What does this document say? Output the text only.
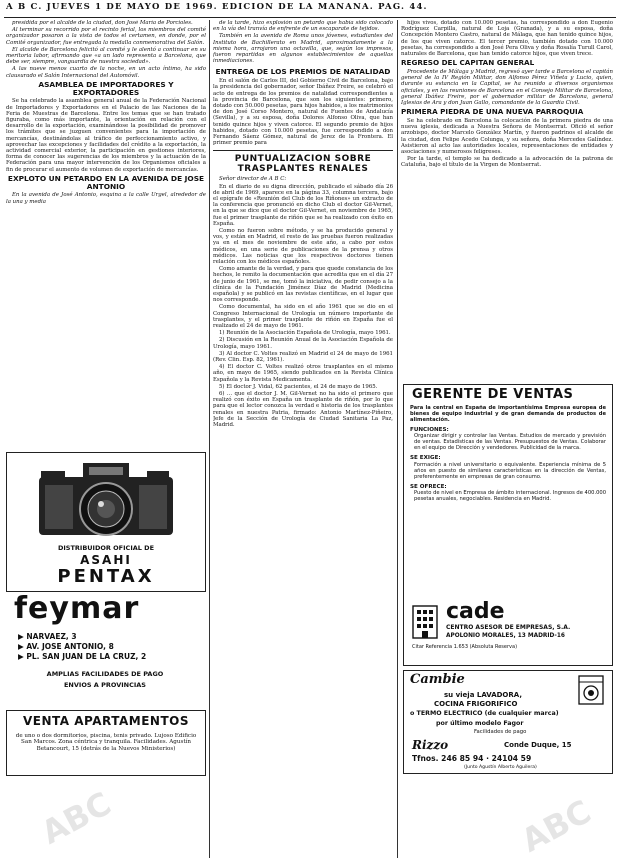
A B C. JUEVES 1 DE MAYO DE 1969. EDICION DE LA MAÑANA. PAG. 44.

presidida por el alcalde de la ciudad, don José María de Porcioles.

Al terminar su recorrido por el recinto ferial, los miembros del comité organizador posaron a la vista de todos el certamen, en donde, por el Comité organizador, fue entregada la medalla conmemorativa del Salón.

El alcalde de Barcelona felicitó al comité y le alentó a continuar en su meritoria labor, afirmando que «a un lado representa a Barcelona, que debe ser, siempre, vanguardia de nuestra sociedad».

A las nueve menos cuarto de la noche, en un acto íntimo, ha sido clausurado el Salón Internacional del Automóvil.

ASAMBLEA DE IMPORTADORES Y EXPORTADORES

Se ha celebrado la asamblea general anual de la Federación Nacional de Importadores y Exportadores en el Palacio de las Naciones de la Feria de Muestras de Barcelona. Entre los temas que se han tratado figuraba, como más importante, la orientación en relación con el desarrollo de la exportación, examinándose la posibilidad de promover los trámites que se juzguen convenientes para la importación de mercancías, destinándolas al tráfico de perfeccionamiento activo, y aprovechar las excepciones y facilidades del crédito a la exportación, la actividad comercial exterior, la participación en gestiones interiores, forma de conocer las sugerencias de los miembros y la actuación de la Federación para una mayor intervención de los Organismos oficiales a fin de procurar el aumento de volumen de exportación de mercancías.

EXPLOTO UN PETARDO EN LA AVENIDA DE JOSE ANTONIO

En la avenida de José Antonio, esquina a la calle Urgel, alrededor de la una y media

DISTRIBUIDOR OFICIAL DE
ASAHI
PENTAX
feymar
▶ NARVAEZ, 3
▶ AV. JOSE ANTONIO, 8
▶ PL. SAN JUAN DE LA CRUZ, 2
AMPLIAS FACILIDADES DE PAGO
ENVIOS A PROVINCIAS
VENTA APARTAMENTOS

de uno o dos dormitorios, piscina, tenis privado. Lujoso Edificio San Marcos. Zona céntrica y tranquila. Facilidades. Agustín Betancourt, 15 (detrás de la Nuevos Ministerios)

de la tarde, hizo explosión un petardo que había sido colocado en la vía del tranvía de enfrente de un escaparate de tejidos.

También en la avenida de Roma unos jóvenes, estudiantes del Instituto de Bachillerato en Madrid, aproximadamente a la misma hora, arrojaron una octavilla, que, según los impresos, fueron repartidas en algunos establecimientos de aquellas inmediaciones.

ENTREGA DE LOS PREMIOS DE NATALIDAD

En el salón de Carlos III, del Gobierno Civil de Barcelona, bajo la presidencia del gobernador, señor Ibáñez Freire, se celebró el acto de entrega de los premios de natalidad correspondientes a la provincia de Barcelona, que son los siguientes: primero, dotado con 50.000 pesetas, para hijos habidos, a los matrimonios de don José Corso Montero, natural de Fuentes de Andalucía (Sevilla), y a su esposa, doña Dolores Alfonso Oliva, que han tenido quince hijos y viven catorce. El segundo premio de hijos habidos, dotado con 10.000 pesetas, fue correspondido a don Fernando Sáenz Gómez, natural de Jerez de la Frontera. El primer premio para

PUNTUALIZACION SOBRE TRASPLANTES RENALES

Señor director de A B C:

En el diario de su digna dirección, publicado el sábado día 26 de abril de 1969, aparece en la página 33, columna tercera, bajo el epígrafe de «Reunión del Club de los Riñones» un extracto de la conferencia que pronunció en dicho Club el doctor Gil-Vernet, en la que se dice que el doctor Gil-Vernet, en noviembre de 1965, fue el primer trasplante de riñón que se ha realizado con éxito en España.

Como no fueron sobre método, y se ha producido general y vos, y están en Madrid, el resto de las pruebas fueron realizadas ya en el mes de noviembre de este año, a cabo por estos médicos, en una serie de publicaciones de la prensa y otros médicos. Las noticias que los respectivos doctores tienen relación con los médicos españoles.

Como amante de la verdad, y para que quede constancia de los hechos, le remito la documentación que acredita que en el día 27 de junio de 1961, se me, tomó la iniciativa, de pedir consejo a la clínica de la Fundación Jiménez Díaz de Madrid (Medicina española) y se publicó en las revistas científicas, en el lugar que nos corresponde.

Como documental, ha sido en el año 1961 que se dio en el Congreso Internacional de Urología un número importante de trasplantes, y el primer trasplante de riñón en España fue el realizado el 24 de mayo de 1961.

1) Reunión de la Asociación Española de Urología, mayo 1961.

2) Discusión en la Reunión Anual de la Asociación Española de Urología, mayo 1961.

3) Al doctor C. Voltes realizó en Madrid el 24 de mayo de 1961 (Rev. Clin. Esp. 82, 1961).

4) El doctor C. Voltes realizó otros trasplantes en el mismo año, en mayo de 1965, siendo publicados en la Revista Clínica Española y la Revista Medicamenta.

5) El doctor J. Vidal, 62 pacientes, el 24 de mayo de 1965.

6) ... que el doctor J. M. Gil-Vernet no ha sido el primero que realizó con éxito en España un trasplante de riñón, por lo que para que el lector conozca la verdad e historia de los trasplantes renales en nuestra Patria, firmado: Antonio Martínez-Piñeiro, Jefe de la Sección de Urología de Ciudad Sanitaria La Paz, Madrid.

hijos vivos, dotado con 10.000 pesetas, ha correspondido a don Eugenio Rodríguez Carpilla, natural de Loja (Granada), y a su esposa, doña Concepción Montero Castro, natural de Málaga, que han tenido quince hijos, de los que viven catorce. El tercer premio, también dotado con 10.000 pesetas, ha correspondido a don José Pera Oliva y doña Rosalía Turull Carol, naturales de Barcelona, que han tenido catorce hijos, que viven trece.

REGRESO DEL CAPITAN GENERAL

Procedente de Málaga y Madrid, regresó ayer tarde a Barcelona el capitán general de la IV Región Militar, don Alfonso Pérez Viñeta y Lucio, quien, durante su estancia en la Capital, se ha reunido a diversos organismos oficiales, y en las reuniones de Barcelona en el Consejo Militar de Barcelona, general Ibáñez Freire, por el gobernador militar de Barcelona, general Iglesias de Ara y don Juan Gallo, comandante de la Guardia Civil.

PRIMERA PIEDRA DE UNA NUEVA PARROQUIA

Se ha celebrado en Barcelona la colocación de la primera piedra de una nueva iglesia, dedicada a Nuestra Señora de Montserrat. Ofició el señor arzobispo, doctor Marcelo González Martín, y fueron padrinos el alcalde de la ciudad, don Felipe Acedo Colunga, y su señora, doña Mercedes Galíndez. Asistieron al acto las autoridades locales, representaciones de entidades y asociaciones y numerosos feligreses.

Por la tarde, el templo se ha dedicado a la advocación de la patrona de Cataluña, bajo el título de la Virgen de Montserrat.

GERENTE DE VENTAS

Para la central en España de importantísima Empresa europea de bienes de equipo industrial y de gran demanda de productos de alimentación.

FUNCIONES:

Organizar dirigir y controlar las Ventas. Estudios de mercado y previsión de ventas. Estadísticas de las Ventas. Presupuestos de Ventas. Colaborar en el equipo de Dirección y vendedores. Publicidad de la marca.

SE EXIGE:

Formación a nivel universitario o equivalente. Experiencia mínima de 5 años en puesto de similares características en la dirección de Ventas, preferentemente en empresas de gran consumo.

SE OFRECE:

Puesto de nivel en Empresa de ámbito internacional. Ingresos de 400.000 pesetas anuales, negociables. Residencia en Madrid.

cade
CENTRO ASESOR DE EMPRESAS, S.A.
APOLONIO MORALES, 13 MADRID-16
Citar Referencia 1.653 (Absoluta Reserva)
Cambie
su vieja LAVADORA,
COCINA FRIGORIFICO
o TERMO ELECTRICO (de cualquier marca)
por último modelo Fagor
Facilidades de pago
Rizzo	Conde Duque, 15
Tfnos. 246 85 94 · 24104 59
(Junto Agustín Alberto Aguilera)
ABC	ABC
